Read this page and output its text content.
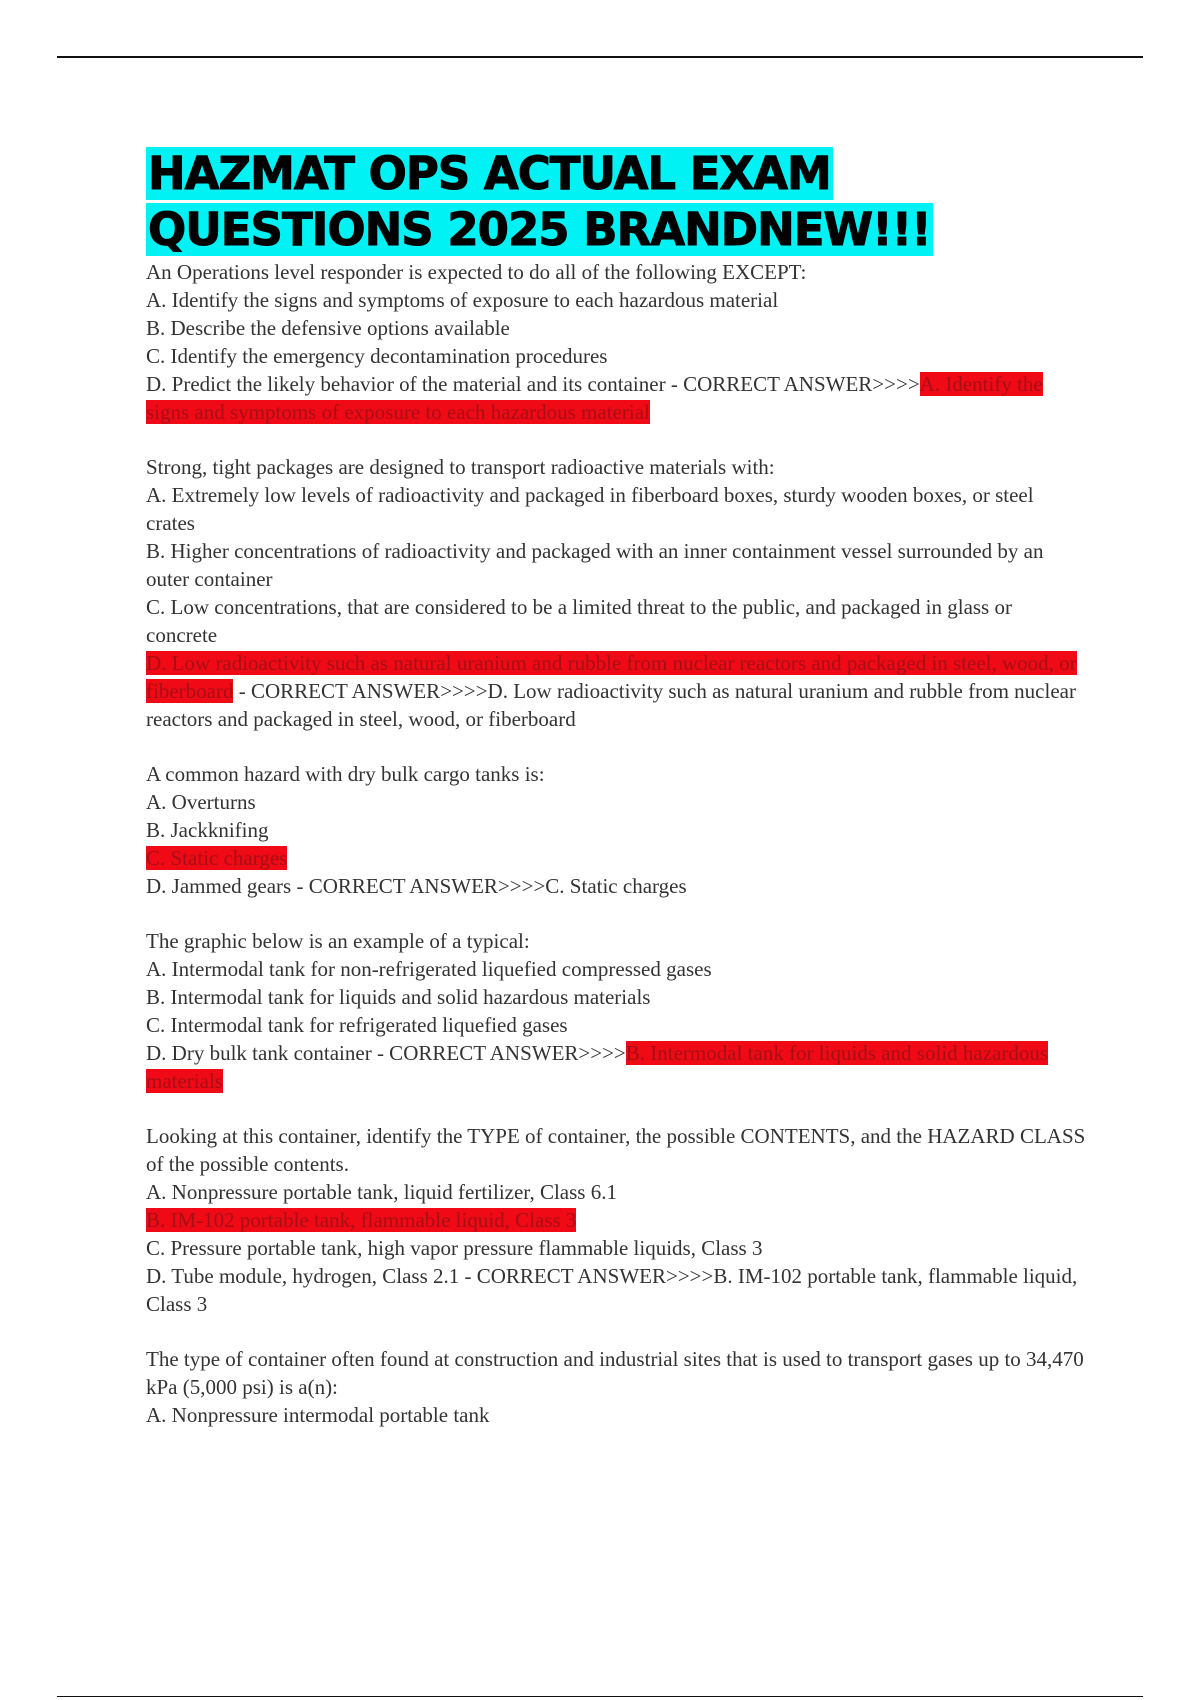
HAZMAT OPS ACTUAL EXAM QUESTIONS 2025 BRANDNEW!!!
An Operations level responder is expected to do all of the following EXCEPT:
A. Identify the signs and symptoms of exposure to each hazardous material
B. Describe the defensive options available
C. Identify the emergency decontamination procedures
D. Predict the likely behavior of the material and its container - CORRECT ANSWER>>>>A. Identify the signs and symptoms of exposure to each hazardous material
Strong, tight packages are designed to transport radioactive materials with:
A. Extremely low levels of radioactivity and packaged in fiberboard boxes, sturdy wooden boxes, or steel crates
B. Higher concentrations of radioactivity and packaged with an inner containment vessel surrounded by an outer container
C. Low concentrations, that are considered to be a limited threat to the public, and packaged in glass or concrete
D. Low radioactivity such as natural uranium and rubble from nuclear reactors and packaged in steel, wood, or fiberboard - CORRECT ANSWER>>>>D. Low radioactivity such as natural uranium and rubble from nuclear reactors and packaged in steel, wood, or fiberboard
A common hazard with dry bulk cargo tanks is:
A. Overturns
B. Jackknifing
C. Static charges
D. Jammed gears - CORRECT ANSWER>>>>C. Static charges
The graphic below is an example of a typical:
A. Intermodal tank for non-refrigerated liquefied compressed gases
B. Intermodal tank for liquids and solid hazardous materials
C. Intermodal tank for refrigerated liquefied gases
D. Dry bulk tank container - CORRECT ANSWER>>>>B. Intermodal tank for liquids and solid hazardous materials
Looking at this container, identify the TYPE of container, the possible CONTENTS, and the HAZARD CLASS of the possible contents.
A. Nonpressure portable tank, liquid fertilizer, Class 6.1
B. IM-102 portable tank, flammable liquid, Class 3
C. Pressure portable tank, high vapor pressure flammable liquids, Class 3
D. Tube module, hydrogen, Class 2.1 - CORRECT ANSWER>>>>B. IM-102 portable tank, flammable liquid, Class 3
The type of container often found at construction and industrial sites that is used to transport gases up to 34,470 kPa (5,000 psi) is a(n):
A. Nonpressure intermodal portable tank
